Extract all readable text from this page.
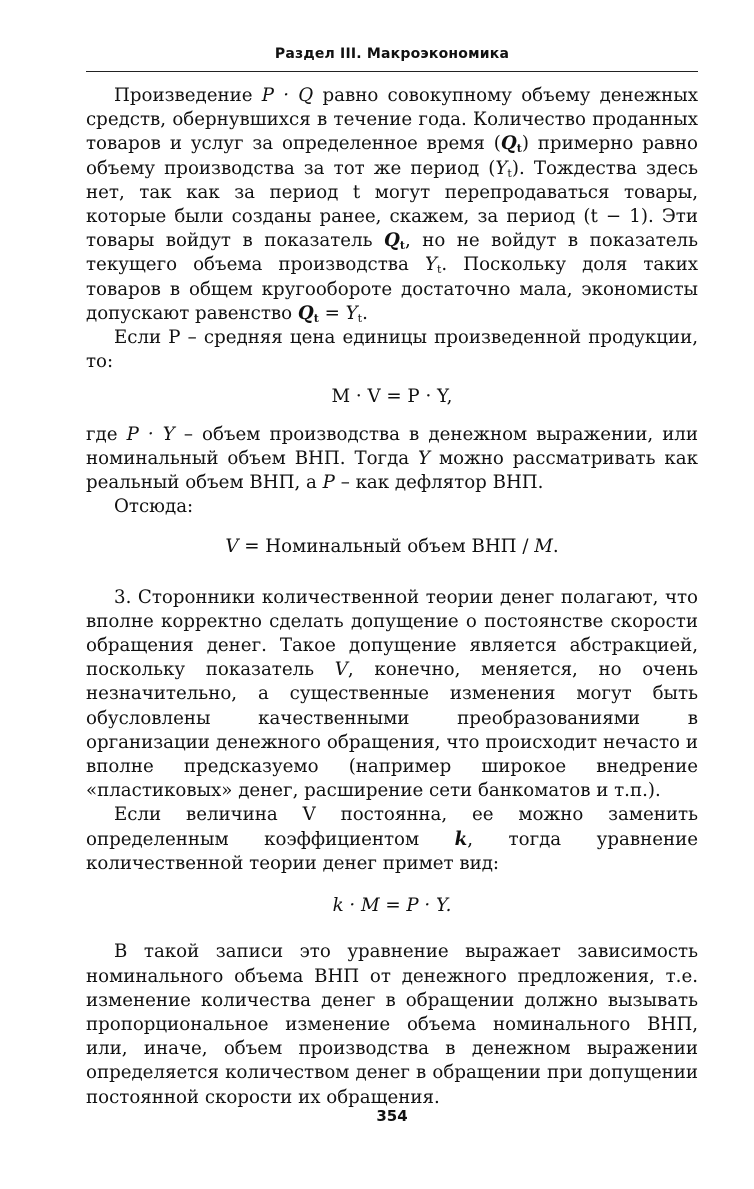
Раздел III. Макроэкономика

Произведение P · Q равно совокупному объему денежных средств, обернувшихся в течение года. Количество проданных товаров и услуг за определенное время $(Q_t)$ примерно равно объему производства за тот же период $(Y_t)$. Тождества здесь нет, так как за период t могут перепродаваться товары, которые были созданы ранее, скажем, за период (t − 1). Эти товары войдут в показатель $Q_t$, но не войдут в показатель текущего объема производства $Y_t$. Поскольку доля таких товаров в общем кругообороте достаточно мала, экономисты допускают равенство $Q_t = Y_t$.

Если P – средняя цена единицы произведенной продукции, то:

M · V = P · Y,

где P · Y – объем производства в денежном выражении, или номинальный объем ВНП. Тогда Y можно рассматривать как реальный объем ВНП, а P – как дефлятор ВНП.

Отсюда:

V = Номинальный объем ВНП / M.

3. Сторонники количественной теории денег полагают, что вполне корректно сделать допущение о постоянстве скорости обращения денег. Такое допущение является абстракцией, поскольку показатель V, конечно, меняется, но очень незначительно, а существенные изменения могут быть обусловлены качественными преобразованиями в организации денежного обращения, что происходит нечасто и вполне предсказуемо (например широкое внедрение «пластиковых» денег, расширение сети банкоматов и т.п.).

Если величина V постоянна, ее можно заменить определенным коэффициентом k, тогда уравнение количественной теории денег примет вид:

k · M = P · Y.

В такой записи это уравнение выражает зависимость номинального объема ВНП от денежного предложения, т.е. изменение количества денег в обращении должно вызывать пропорциональное изменение объема номинального ВНП, или, иначе, объем производства в денежном выражении определяется количеством денег в обращении при допущении постоянной скорости их обращения.

354
